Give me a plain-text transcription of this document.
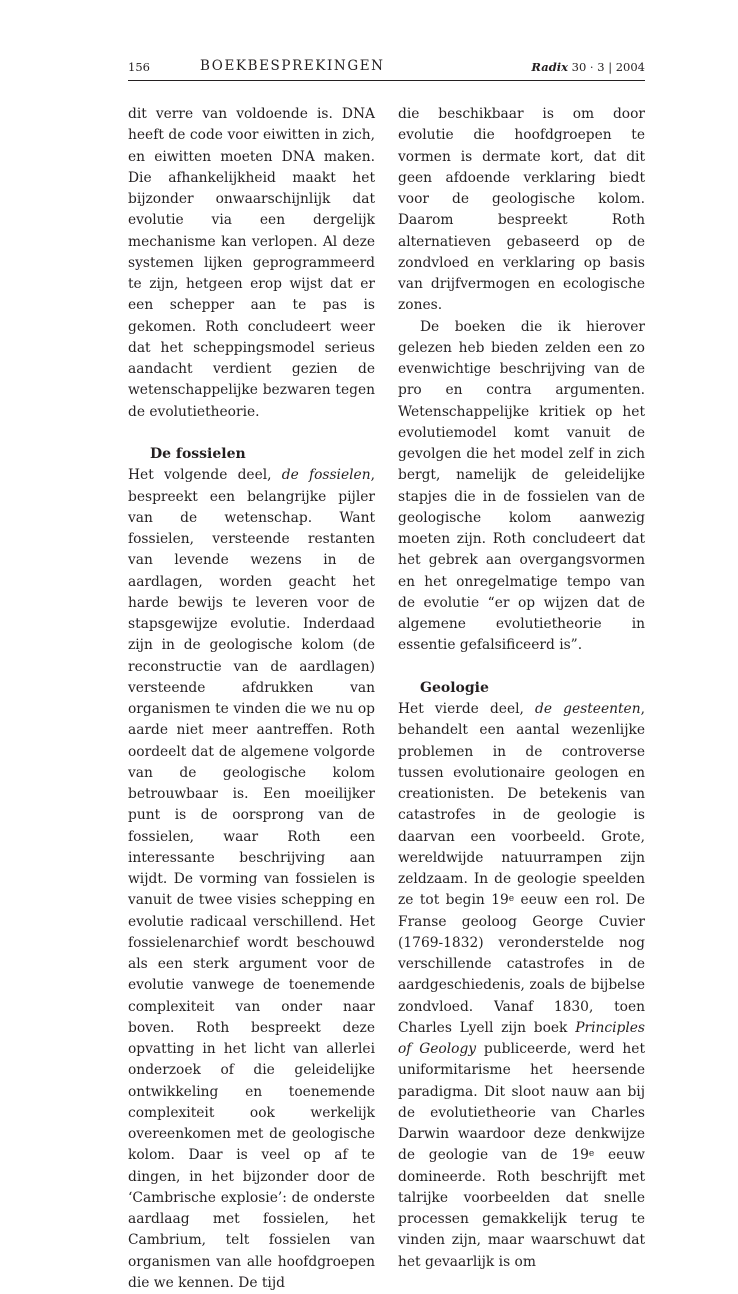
156	BOEKBESPREKINGEN	Radix 30 · 3 | 2004

dit verre van voldoende is. DNA heeft de code voor eiwitten in zich, en eiwitten moeten DNA maken. Die afhankelijkheid maakt het bijzonder onwaarschijnlijk dat evolutie via een dergelijk mechanisme kan verlopen. Al deze systemen lijken geprogrammeerd te zijn, hetgeen erop wijst dat er een schepper aan te pas is gekomen. Roth concludeert weer dat het scheppingsmodel serieus aandacht verdient gezien de wetenschappelijke bezwaren tegen de evolutietheorie.

De fossielen

Het volgende deel, de fossielen, bespreekt een belangrijke pijler van de wetenschap. Want fossielen, versteende restanten van levende wezens in de aardlagen, worden geacht het harde bewijs te leveren voor de stapsgewijze evolutie. Inderdaad zijn in de geologische kolom (de reconstructie van de aardlagen) versteende afdrukken van organismen te vinden die we nu op aarde niet meer aantreffen. Roth oordeelt dat de algemene volgorde van de geologische kolom betrouwbaar is. Een moeilijker punt is de oorsprong van de fossielen, waar Roth een interessante beschrijving aan wijdt. De vorming van fossielen is vanuit de twee visies schepping en evolutie radicaal verschillend. Het fossielenarchief wordt beschouwd als een sterk argument voor de evolutie vanwege de toenemende complexiteit van onder naar boven. Roth bespreekt deze opvatting in het licht van allerlei onderzoek of die geleidelijke ontwikkeling en toenemende complexiteit ook werkelijk overeenkomen met de geologische kolom. Daar is veel op af te dingen, in het bijzonder door de ‘Cambrische explosie’: de onderste aardlaag met fossielen, het Cambrium, telt fossielen van organismen van alle hoofdgroepen die we kennen. De tijd

die beschikbaar is om door evolutie die hoofdgroepen te vormen is dermate kort, dat dit geen afdoende verklaring biedt voor de geologische kolom. Daarom bespreekt Roth alternatieven gebaseerd op de zondvloed en verklaring op basis van drijfvermogen en ecologische zones.

De boeken die ik hierover gelezen heb bieden zelden een zo evenwichtige beschrijving van de pro en contra argumenten. Wetenschappelijke kritiek op het evolutiemodel komt vanuit de gevolgen die het model zelf in zich bergt, namelijk de geleidelijke stapjes die in de fossielen van de geologische kolom aanwezig moeten zijn. Roth concludeert dat het gebrek aan overgangsvormen en het onregelmatige tempo van de evolutie “er op wijzen dat de algemene evolutietheorie in essentie gefalsificeerd is”.

Geologie

Het vierde deel, de gesteenten, behandelt een aantal wezenlijke problemen in de controverse tussen evolutionaire geologen en creationisten. De betekenis van catastrofes in de geologie is daarvan een voorbeeld. Grote, wereldwijde natuurrampen zijn zeldzaam. In de geologie speelden ze tot begin 19e eeuw een rol. De Franse geoloog George Cuvier (1769-1832) veronderstelde nog verschillende catastrofes in de aardgeschiedenis, zoals de bijbelse zondvloed. Vanaf 1830, toen Charles Lyell zijn boek Principles of Geology publiceerde, werd het uniformitarisme het heersende paradigma. Dit sloot nauw aan bij de evolutietheorie van Charles Darwin waardoor deze denkwijze de geologie van de 19e eeuw domineerde. Roth beschrijft met talrijke voorbeelden dat snelle processen gemakkelijk terug te vinden zijn, maar waarschuwt dat het gevaarlijk is om
